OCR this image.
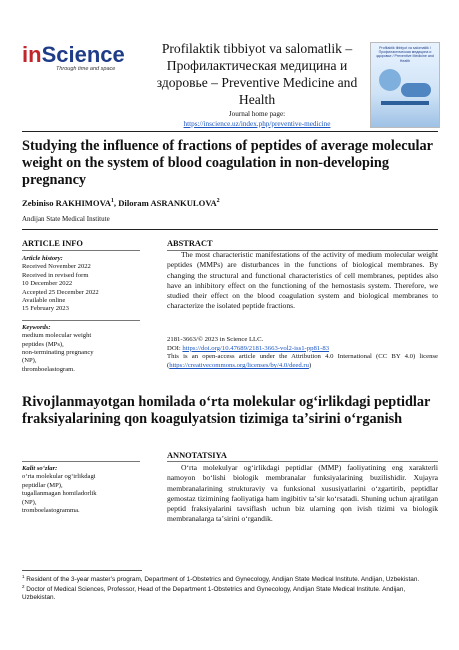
inScience
Through time and space
Profilaktik tibbiyot va salomatlik – Профилактическая медицина и здоровье – Preventive Medicine and Health
Journal home page:
https://inscience.uz/index.php/preventive-medicine
Profilaktik tibbiyot va salomatlik / Профилактическая медицина и здоровье / Preventive Medicine and Health
Studying the influence of fractions of peptides of average molecular weight on the system of blood coagulation in non-developing pregnancy
Zebiniso RAKHIMOVA$^1$, Diloram ASRANKULOVA$^2$
Andijan State Medical Institute
ARTICLE INFO
Article history:
Received November 2022
Received in revised form
10 December 2022
Accepted 25 December 2022
Available online
15 February 2023
Keywords:
medium molecular weight
peptides (MPs),
non-terminating pregnancy
(NP),
thromboelastogram.
ABSTRACT
The most characteristic manifestations of the activity of medium molecular weight peptides (MMPs) are disturbances in the functions of biological membranes. By changing the structural and functional characteristics of cell membranes, peptides also have an inhibitory effect on the functioning of the hemostasis system. Therefore, we studied their effect on the blood coagulation system and biological membranes to characterize the isolated peptide fractions.
2181-3663/© 2023 in Science LLC.
DOI: https://doi.org/10.47689/2181-3663-vol2-iss1-pp81-83
This is an open-access article under the Attribution 4.0 International (CC BY 4.0) license (https://creativecommons.org/licenses/by/4.0/deed.ru)
Rivojlanmayotgan homilada oʻrta molekular ogʻirlikdagi peptidlar fraksiyalarining qon koagulyatsion tizimiga taʼsirini oʻrganish
ANNOTATSIYA
Kalit soʻzlar:
oʻrta molekular ogʻirlikdagi
peptidlar (MP),
tugallanmagan homiladorlik
(NP),
tromboelastogramma.
Oʻrta molekulyar ogʻirlikdagi peptidlar (MMP) faoliyatining eng xarakterli namoyon boʻlishi biologik membranalar funksiyalarining buzilishidir. Xujayra membranalarining strukturaviy va funksional xususiyatlarini oʻzgartirib, peptidlar gemostaz tizimining faoliyatiga ham ingibitiv taʼsir koʻrsatadi. Shuning uchun ajratilgan peptid fraksiyalarini tavsiflash uchun biz ularning qon ivish tizimi va biologik membranalarga taʼsirini oʻrgandik.

$^1$ Resident of the 3-year master’s program, Department of 1-Obstetrics and Gynecology, Andijan State Medical Institute. Andijan, Uzbekistan.

$^2$ Doctor of Medical Sciences, Professor, Head of the Department 1-Obstetrics and Gynecology, Andijan State Medical Institute. Andijan, Uzbekistan.
